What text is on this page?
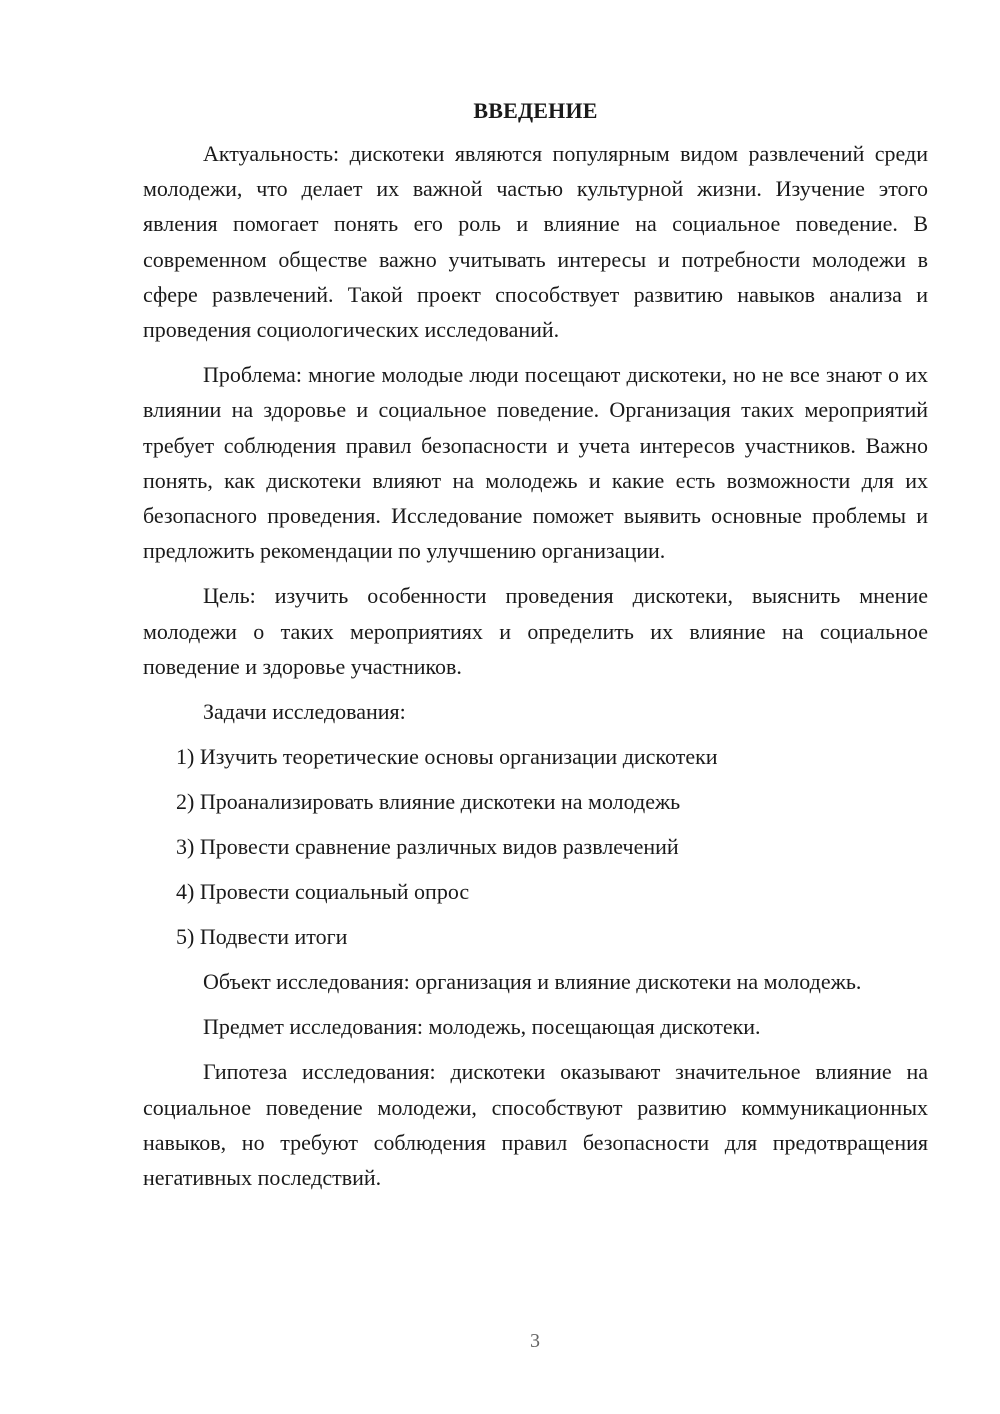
ВВЕДЕНИЕ

Актуальность: дискотеки являются популярным видом развлечений среди молодежи, что делает их важной частью культурной жизни. Изучение этого явления помогает понять его роль и влияние на социальное поведение. В современном обществе важно учитывать интересы и потребности молодежи в сфере развлечений. Такой проект способствует развитию навыков анализа и проведения социологических исследований.

Проблема: многие молодые люди посещают дискотеки, но не все знают о их влиянии на здоровье и социальное поведение. Организация таких мероприятий требует соблюдения правил безопасности и учета интересов участников. Важно понять, как дискотеки влияют на молодежь и какие есть возможности для их безопасного проведения. Исследование поможет выявить основные проблемы и предложить рекомендации по улучшению организации.

Цель: изучить особенности проведения дискотеки, выяснить мнение молодежи о таких мероприятиях и определить их влияние на социальное поведение и здоровье участников.

Задачи исследования:

1) Изучить теоретические основы организации дискотеки
2) Проанализировать влияние дискотеки на молодежь
3) Провести сравнение различных видов развлечений
4) Провести социальный опрос
5) Подвести итоги

Объект исследования: организация и влияние дискотеки на молодежь.

Предмет исследования: молодежь, посещающая дискотеки.

Гипотеза исследования: дискотеки оказывают значительное влияние на социальное поведение молодежи, способствуют развитию коммуникационных навыков, но требуют соблюдения правил безопасности для предотвращения негативных последствий.

3
